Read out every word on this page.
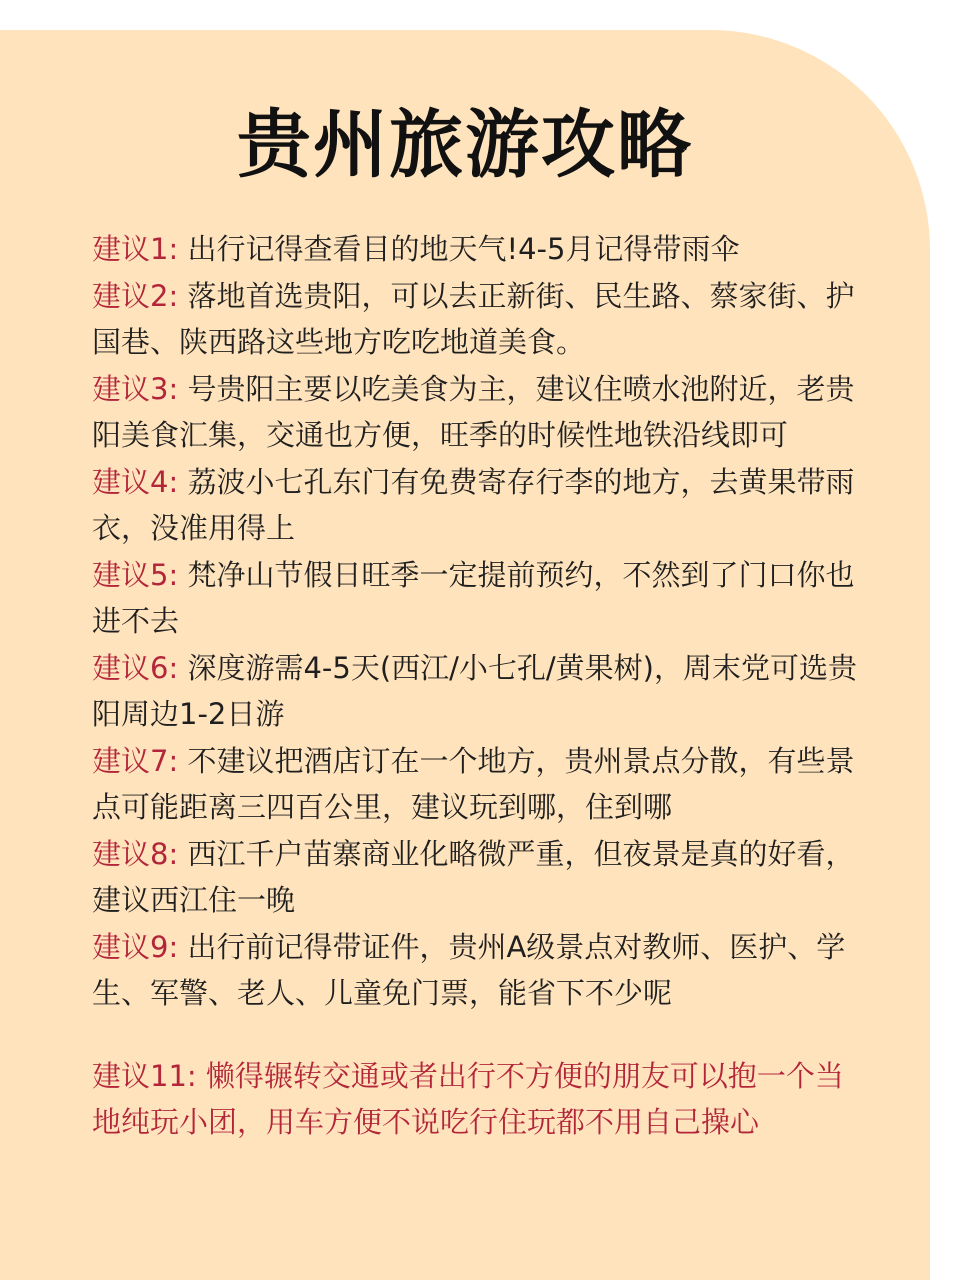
贵州旅游攻略
建议1: 出行记得查看目的地天气!4-5月记得带雨伞
建议2: 落地首选贵阳，可以去正新街、民生路、蔡家街、护国巷、陕西路这些地方吃吃地道美食。
建议3: 号贵阳主要以吃美食为主，建议住喷水池附近，老贵阳美食汇集，交通也方便，旺季的时候性地铁沿线即可
建议4: 荔波小七孔东门有免费寄存行李的地方，去黄果带雨衣，没准用得上
建议5: 梵净山节假日旺季一定提前预约，不然到了门口你也进不去
建议6: 深度游需4-5天(西江/小七孔/黄果树)，周末党可选贵阳周边1-2日游
建议7: 不建议把酒店订在一个地方，贵州景点分散，有些景点可能距离三四百公里，建议玩到哪，住到哪
建议8: 西江千户苗寨商业化略微严重，但夜景是真的好看，建议西江住一晚
建议9: 出行前记得带证件，贵州A级景点对教师、医护、学生、军警、老人、儿童免门票，能省下不少呢
建议11: 懒得辗转交通或者出行不方便的朋友可以抱一个当地纯玩小团，用车方便不说吃行住玩都不用自己操心
